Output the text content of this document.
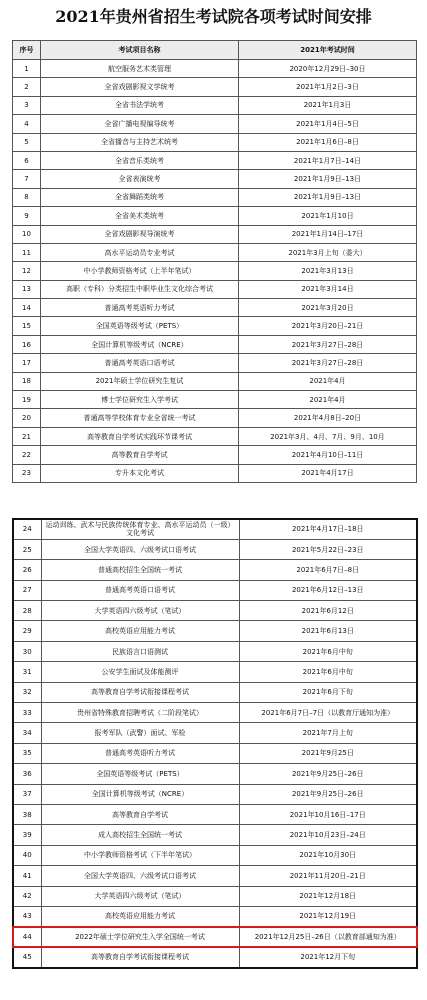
2021年贵州省招生考试院各项考试时间安排
序号	考试项目名称	2021年考试时间
1	航空服务艺术类管理	2020年12月29日–30日
2	全省戏剧影视文学统考	2021年1月2日–3日
3	全省书法学统考	2021年1月3日
4	全省广播电视编导统考	2021年1月4日–5日
5	全省播音与主持艺术统考	2021年1月6日–8日
6	全省音乐类统考	2021年1月7日–14日
7	全省表演统考	2021年1月9日–13日
8	全省舞蹈类统考	2021年1月9日–13日
9	全省美术类统考	2021年1月10日
10	全省戏剧影视导演统考	2021年1月14日–17日
11	高水平运动员专业考试	2021年3月上旬（委大）
12	中小学教师资格考试（上半年笔试）	2021年3月13日
13	高职（专科）分类招生中职毕业生文化综合考试	2021年3月14日
14	普通高考英语听力考试	2021年3月20日
15	全国英语等级考试（PETS）	2021年3月20日–21日
16	全国计算机等级考试（NCRE）	2021年3月27日–28日
17	普通高考英语口语考试	2021年3月27日–28日
18	2021年硕士学位研究生复试	2021年4月
19	博士学位研究生入学考试	2021年4月
20	普通高等学校体育专业全省统一考试	2021年4月8日–20日
21	高等教育自学考试实践环节课考试	2021年3月、4月、7月、9月、10月
22	高等教育自学考试	2021年4月10日–11日
23	专升本文化考试	2021年4月17日
24	运动训练、武术与民族传统体育专业、高水平运动员（一级）文化考试	2021年4月17日–18日
25	全国大学英语四、六级考试口语考试	2021年5月22日–23日
26	普通高校招生全国统一考试	2021年6月7日–8日
27	普通高考英语口语考试	2021年6月12日–13日
28	大学英语四六级考试（笔试）	2021年6月12日
29	高校英语应用能力考试	2021年6月13日
30	民族语言口语测试	2021年6月中旬
31	公安学生面试及体能测评	2021年6月中旬
32	高等教育自学考试衔接课程考试	2021年6月下旬
33	贵州省特殊教育招聘考试（二阶段笔试）	2021年6月7日–7日（以教育厅通知为准）
34	报考军队（武警）面试、军检	2021年7月上旬
35	普通高考英语听力考试	2021年9月25日
36	全国英语等级考试（PETS）	2021年9月25日–26日
37	全国计算机等级考试（NCRE）	2021年9月25日–26日
38	高等教育自学考试	2021年10月16日–17日
39	成人高校招生全国统一考试	2021年10月23日–24日
40	中小学教师资格考试（下半年笔试）	2021年10月30日
41	全国大学英语四、六级考试口语考试	2021年11月20日–21日
42	大学英语四六级考试（笔试）	2021年12月18日
43	高校英语应用能力考试	2021年12月19日
44	2022年硕士学位研究生入学全国统一考试	2021年12月25日–26日（以教育部通知为准）
45	高等教育自学考试衔接课程考试	2021年12月下旬
